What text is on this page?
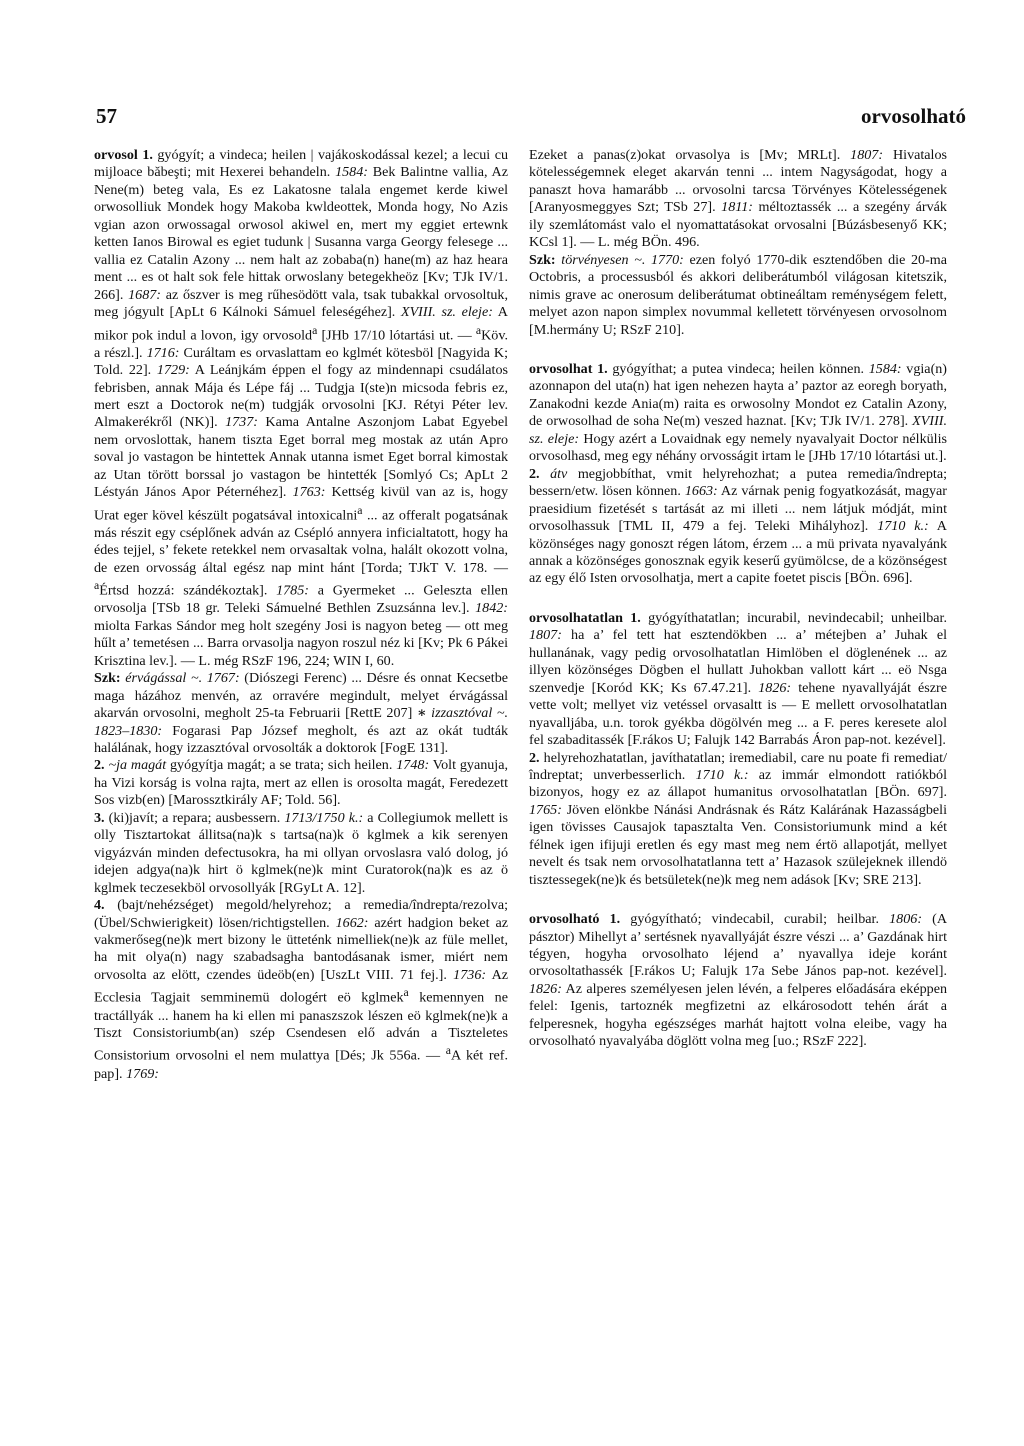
57	orvosolható

orvosol 1. gyógyít; a vindeca; heilen | vajákoskodással kezel; a lecui cu mijloace băbeşti; mit Hexerei behandeln. 1584: Bek Balintne vallia, Az Nene(m) beteg vala, Es ez Lakatosne talala engemet kerde kiwel orwosolliuk Mondek hogy Makoba kwldeottek, Monda hogy, No Azis vgian azon orwossagal orwosol akiwel en, mert my eggiet ertewnk ketten Ianos Birowal es egiet tudunk | Susanna varga Georgy felesege ... vallia ez Catalin Azony ... nem halt az zobaba(n) hane(m) az haz heara ment ... es ot halt sok fele hittak orwoslany betegekheöz [Kv; TJk IV/1. 266]. 1687: az őszver is meg rűhesödött vala, tsak tubakkal orvosoltuk, meg jógyult [ApLt 6 Kálnoki Sámuel feleségéhez]. XVIII. sz. eleje: A mikor pok indul a lovon, igy orvosold$^a$ [JHb 17/10 lótartási ut. — $^a$Köv. a részl.]. 1716: Curáltam es orvaslattam eo kglmét kötesböl [Nagyida K; Told. 22]. 1729: A Leánjkám éppen el fogy az mindennapi csudálatos febrisben, annak Mája és Lépe fáj ... Tudgja I(ste)n micsoda febris ez, mert eszt a Doctorok ne(m) tudgják orvosolni [KJ. Rétyi Péter lev. Almakerékről (NK)]. 1737: Kama Antalne Aszonjom Labat Egyebel nem orvoslottak, hanem tiszta Eget borral meg mostak az után Apro soval jo vastagon be hintettek Annak utanna ismet Eget borral kimostak az Utan törött borssal jo vastagon be hintették [Somlyó Cs; ApLt 2 Léstyán János Apor Péternéhez]. 1763: Kettség kivül van az is, hogy Urat eger kövel készült pogatsával intoxicalni$^a$ ... az offeralt pogatsának más részit egy cséplőnek adván az Csépló annyera inficialtatott, hogy ha édes tejjel, s’ fekete retekkel nem orvasaltak volna, halált okozott volna, de ezen orvosság által egész nap mint hánt [Torda; TJkT V. 178. — $^a$Értsd hozzá: szándékoztak]. 1785: a Gyermeket ... Geleszta ellen orvosolja [TSb 18 gr. Teleki Sámuelné Bethlen Zsuzsánna lev.]. 1842: miolta Farkas Sándor meg holt szegény Josi is nagyon beteg — ott meg hűlt a’ temetésen ... Barra orvasolja nagyon roszul néz ki [Kv; Pk 6 Pákei Krisztina lev.]. — L. még RSzF 196, 224; WIN I, 60.

Szk: érvágással ~. 1767: (Diószegi Ferenc) ... Désre és onnat Kecsetbe maga házához menvén, az orravére megindult, melyet érvágással akarván orvosolni, megholt 25-ta Februarii [RettE 207] ∗ izzasztóval ~. 1823–1830: Fogarasi Pap József megholt, és azt az okát tudták halálának, hogy izzasztóval orvosolták a doktorok [FogE 131].

2. ~ja magát gyógyítja magát; a se trata; sich heilen. 1748: Volt gyanuja, ha Vizi korság is volna rajta, mert az ellen is orosolta magát, Feredezett Sos vizb(en) [Marossztkirály AF; Told. 56].

3. (ki)javít; a repara; ausbessern. 1713/1750 k.: a Collegiumok mellett is olly Tisztartokat állitsa(na)k s tartsa(na)k ö kglmek a kik serenyen vigyázván minden defectusokra, ha mi ollyan orvoslasra való dolog, jó idejen adgya(na)k hirt ö kglmek(ne)k mint Curatorok(na)k es az ö kglmek teczesekböl orvosollyák [RGyLt A. 12].

4. (bajt/nehézséget) megold/helyrehoz; a remedia/îndrepta/rezolva; (Übel/Schwierigkeit) lösen/richtigstellen. 1662: azért hadgion beket az vakmerőseg(ne)k mert bizony le ütteténk nimelliek(ne)k az füle mellet, ha mit olya(n) nagy szabadsagha bantodásanak ismer, miért nem orvosolta az elött, czendes üdeöb(en) [UszLt VIII. 71 fej.]. 1736: Az Ecclesia Tagjait semminemü dologért eö kglmek$^a$ kemennyen ne tractállyák ... hanem ha ki ellen mi panaszszok lészen eö kglmek(ne)k a Tiszt Consistoriumb(an) szép Csendesen elő adván a Tiszteletes Consistorium orvosolni el nem mulattya [Dés; Jk 556a. — $^a$A két ref. pap]. 1769:

Ezeket a panas(z)okat orvasolya is [Mv; MRLt]. 1807: Hivatalos kötelességemnek eleget akarván tenni ... intem Nagyságodat, hogy a panaszt hova hamarább ... orvosolni tarcsa Törvényes Kötelességenek [Aranyosmeggyes Szt; TSb 27]. 1811: méltoztassék ... a szegény árvák ily szemlátomást valo el nyomattatásokat orvosalni [Búzásbesenyő KK; KCsl 1]. — L. még BÖn. 496.

Szk: törvényesen ~. 1770: ezen folyó 1770-dik esztendőben die 20-ma Octobris, a processusból és akkori deliberátumból világosan kitetszik, nimis grave ac onerosum deliberátumat obtineáltam reménységem felett, melyet azon napon simplex novummal kelletett törvényesen orvosolnom [M.hermány U; RSzF 210].

orvosolhat 1. gyógyíthat; a putea vindeca; heilen können. 1584: vgia(n) azonnapon del uta(n) hat igen nehezen hayta a’ paztor az eoregh boryath, Zanakodni kezde Ania(m) raita es orwosolny Mondot ez Catalin Azony, de orwosolhad de soha Ne(m) veszed haznat. [Kv; TJk IV/1. 278]. XVIII. sz. eleje: Hogy azért a Lovaidnak egy nemely nyavalyait Doctor nélkülis orvosolhasd, meg egy néhány orvosságit irtam le [JHb 17/10 lótartási ut.].

2. átv megjobbíthat, vmit helyrehozhat; a putea remedia/îndrepta; bessern/etw. lösen können. 1663: Az várnak penig fogyatkozását, magyar praesidium fizetését s tartását az mi illeti ... nem látjuk módját, mint orvosolhassuk [TML II, 479 a fej. Teleki Mihályhoz]. 1710 k.: A közönséges nagy gonoszt régen látom, érzem ... a mü privata nyavalyánk annak a közönséges gonosznak egyik keserű gyümölcse, de a közönségest az egy élő Isten orvosolhatja, mert a capite foetet piscis [BÖn. 696].

orvosolhatatlan 1. gyógyíthatatlan; incurabil, nevindecabil; unheilbar. 1807: ha a’ fel tett hat esztendökben ... a’ métejben a’ Juhak el hullanának, vagy pedig orvosolhatatlan Himlöben el döglenének ... az illyen közönséges Dögben el hullatt Juhokban vallott kárt ... eö Nsga szenvedje [Koród KK; Ks 67.47.21]. 1826: tehene nyavallyáját észre vette volt; mellyet viz vetéssel orvasaltt is — E mellett orvosolhatatlan nyavalljába, u.n. torok gyékba dögölvén meg ... a F. peres keresete alol fel szabaditassék [F.rákos U; Falujk 142 Barrabás Áron pap-not. kezével].

2. helyrehozhatatlan, javíthatatlan; iremediabil, care nu poate fi remediat/îndreptat; unverbesserlich. 1710 k.: az immár elmondott ratiókból bizonyos, hogy ez az állapot humanitus orvosolhatatlan [BÖn. 697]. 1765: Jöven elönkbe Nánási Andrásnak és Rátz Kalárának Hazasságbeli igen tövisses Causajok tapasztalta Ven. Consistoriumunk mind a két félnek igen ifijuji eretlen és egy mast meg nem értö allapotját, mellyet nevelt és tsak nem orvosolhatatlanna tett a’ Hazasok szülejeknek illendö tisztessegek(ne)k és betsületek(ne)k meg nem adások [Kv; SRE 213].

orvosolható 1. gyógyítható; vindecabil, curabil; heilbar. 1806: (A pásztor) Mihellyt a’ sertésnek nyavallyáját észre vészi ... a’ Gazdának hirt tégyen, hogyha orvosolhato léjend a’ nyavallya ideje koránt orvosoltathassék [F.rákos U; Falujk 17a Sebe János pap-not. kezével]. 1826: Az alperes személyesen jelen lévén, a felperes előadására eképpen felel: Igenis, tartoznék megfizetni az elkárosodott tehén árát a felperesnek, hogyha egészséges marhát hajtott volna eleibe, vagy ha orvosolható nyavalyába döglött volna meg [uo.; RSzF 222].
